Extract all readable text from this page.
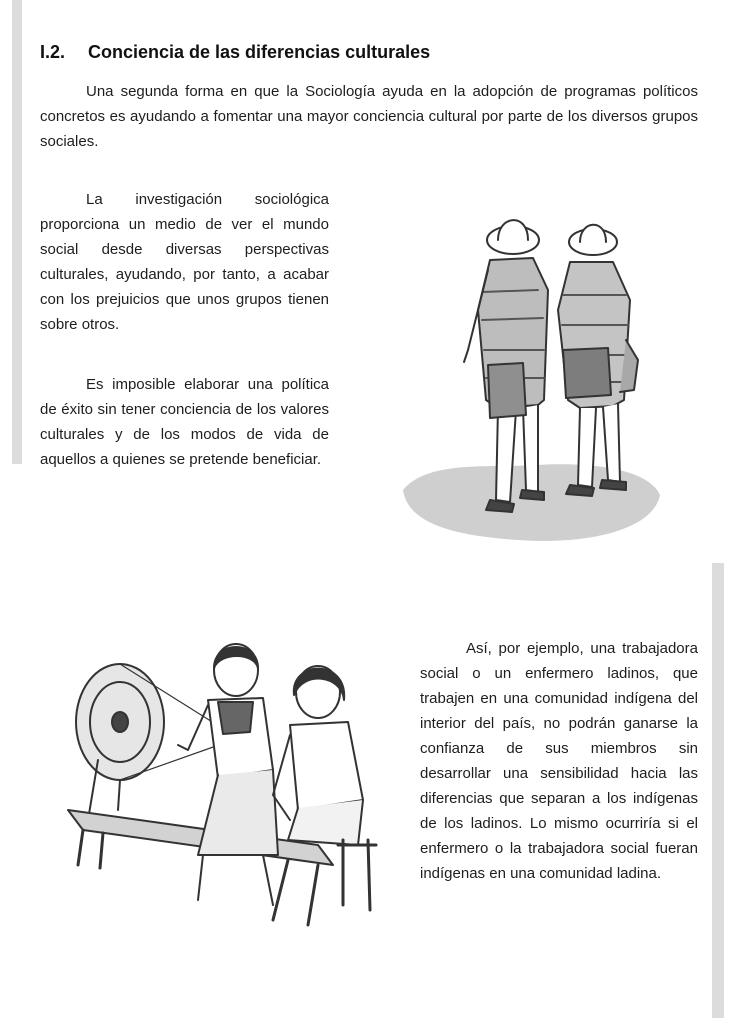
I.2. Conciencia de las diferencias culturales

Una segunda forma en que la Sociología ayuda en la adopción de programas políticos concretos es ayudando a fomentar una mayor conciencia cultural por parte de los diversos grupos sociales.

La investigación sociológica proporciona un medio de ver el mundo social desde diversas perspectivas culturales, ayudando, por tanto, a acabar con los prejuicios que unos grupos tienen sobre otros.

Es imposible elaborar una política de éxito sin tener conciencia de los valores culturales y de los modos de vida de aquellos a quienes se pretende beneficiar.

Así, por ejemplo, una trabajadora social o un enfermero ladinos, que trabajen en una comunidad indígena del interior del país, no podrán ganarse la confianza de sus miembros sin desarrollar una sensibilidad hacia las diferencias que separan a los indígenas de los ladinos. Lo mismo ocurriría si el enfermero o la trabajadora social fueran indígenas en una comunidad ladina.
